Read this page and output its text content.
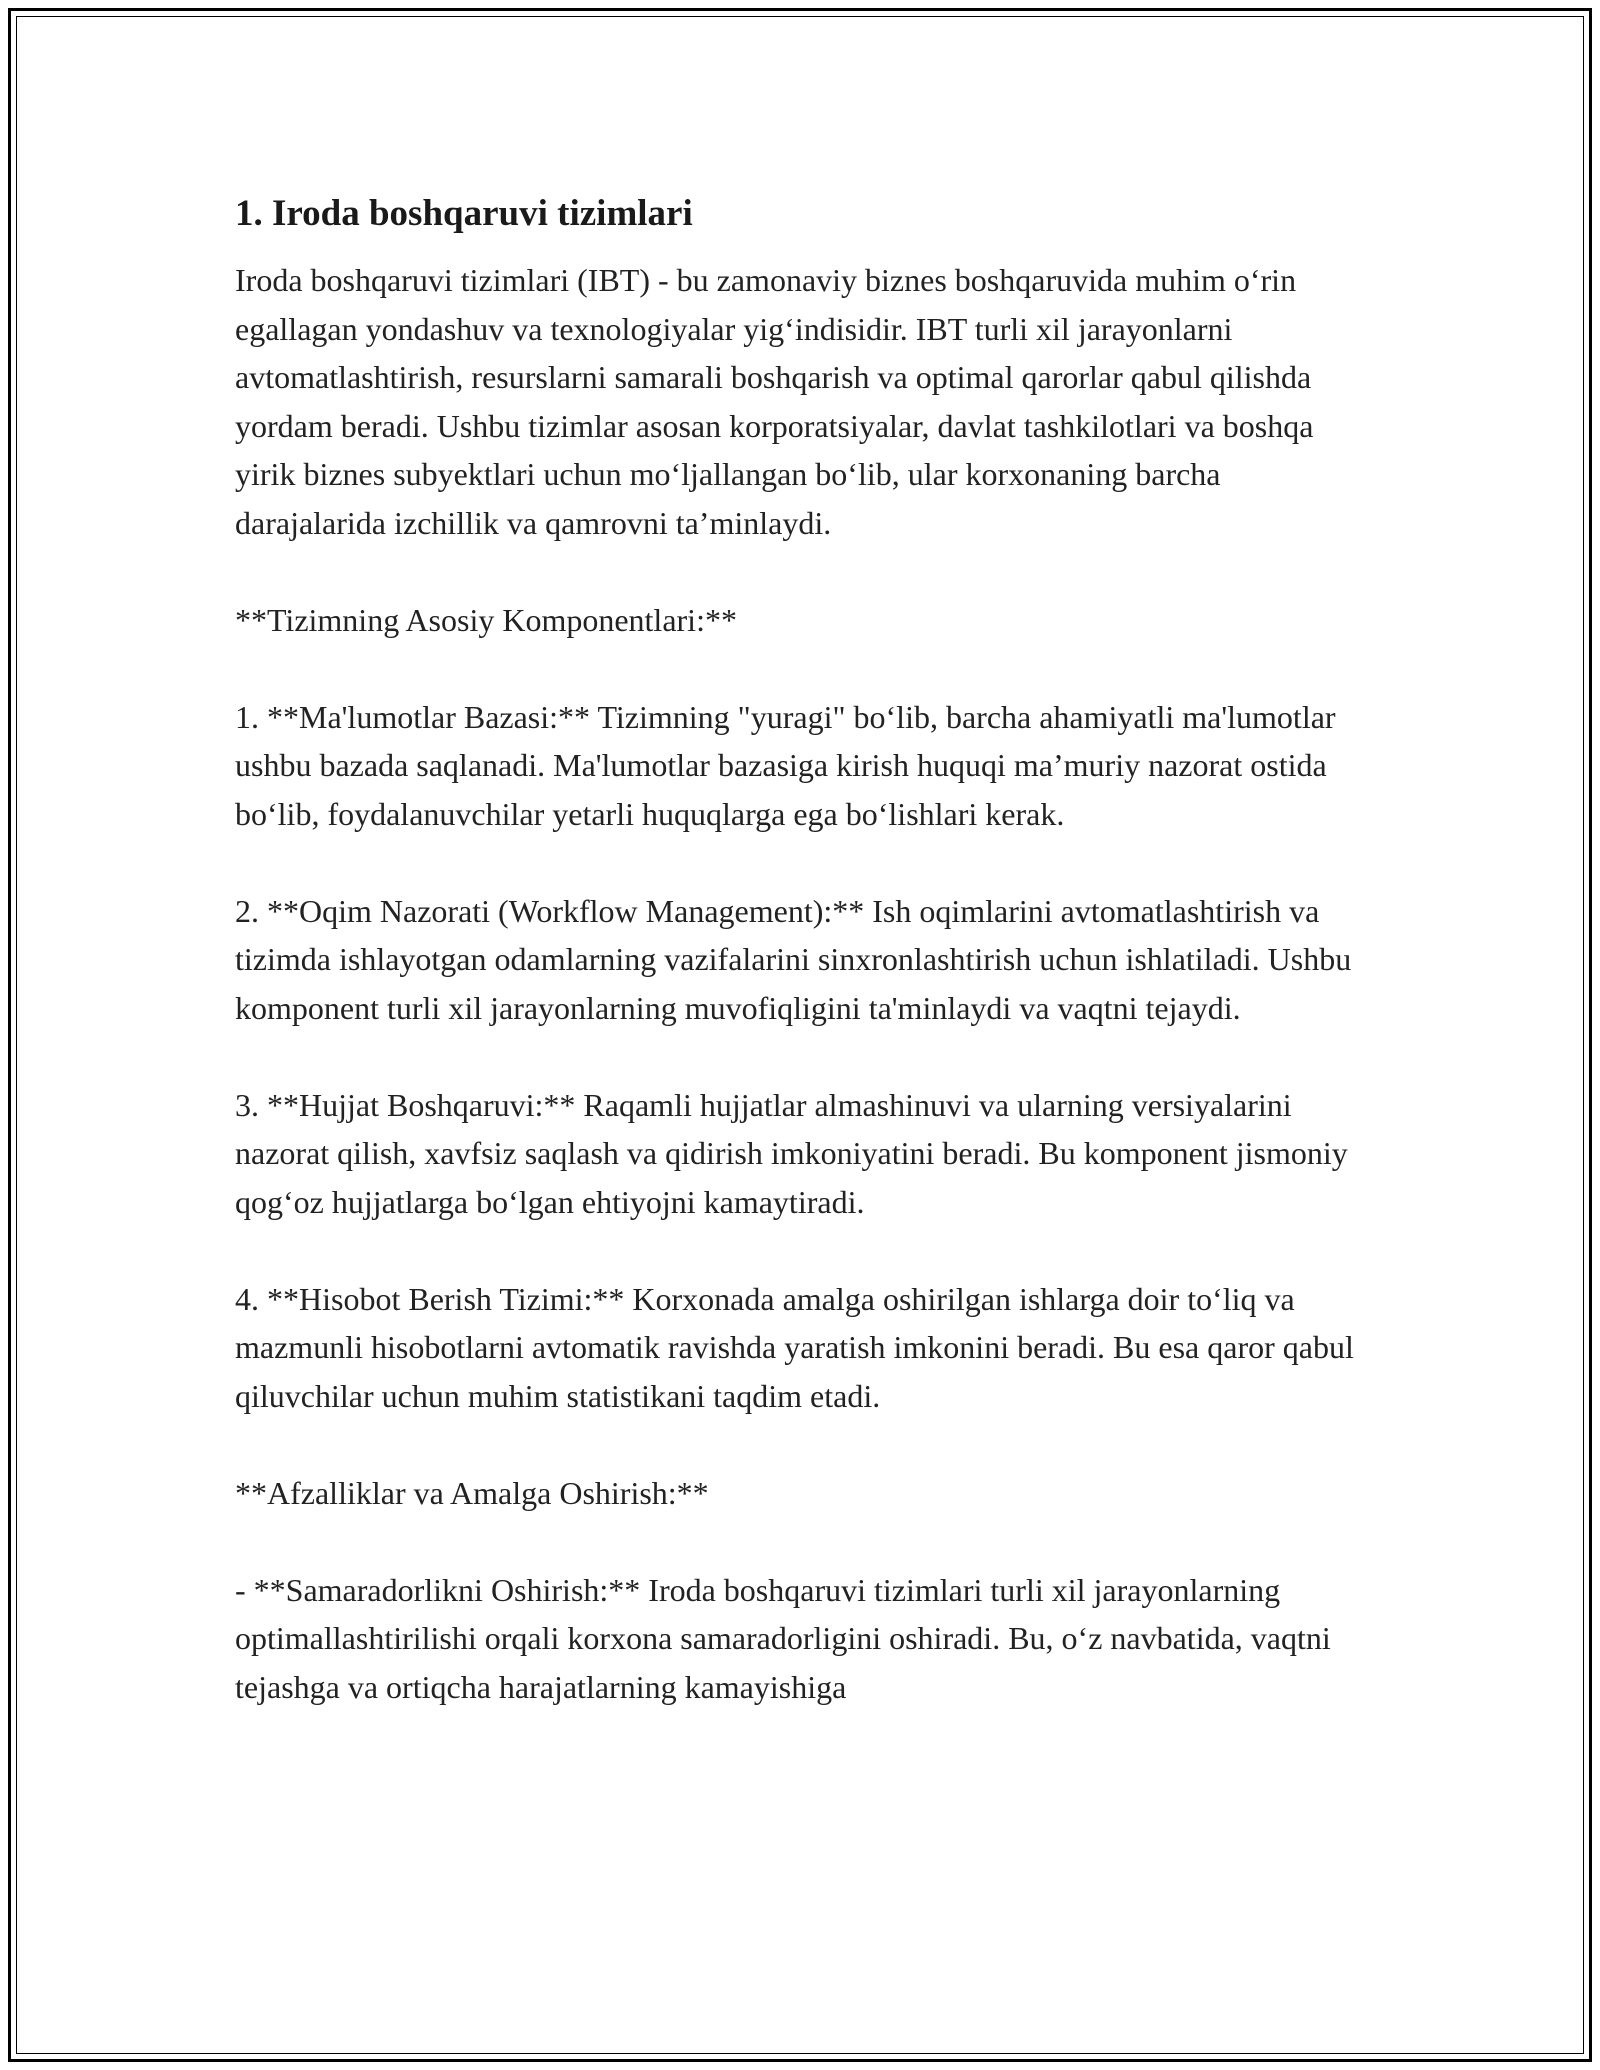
1. Iroda boshqaruvi tizimlari

Iroda boshqaruvi tizimlari (IBT) - bu zamonaviy biznes boshqaruvida muhim o‘rin egallagan yondashuv va texnologiyalar yig‘indisidir. IBT turli xil jarayonlarni avtomatlashtirish, resurslarni samarali boshqarish va optimal qarorlar qabul qilishda yordam beradi. Ushbu tizimlar asosan korporatsiyalar, davlat tashkilotlari va boshqa yirik biznes subyektlari uchun mo‘ljallangan bo‘lib, ular korxonaning barcha darajalarida izchillik va qamrovni ta’minlaydi.

**Tizimning Asosiy Komponentlari:**

1. **Ma'lumotlar Bazasi:** Tizimning "yuragi" bo‘lib, barcha ahamiyatli ma'lumotlar ushbu bazada saqlanadi. Ma'lumotlar bazasiga kirish huquqi ma’muriy nazorat ostida bo‘lib, foydalanuvchilar yetarli huquqlarga ega bo‘lishlari kerak.

2. **Oqim Nazorati (Workflow Management):** Ish oqimlarini avtomatlashtirish va tizimda ishlayotgan odamlarning vazifalarini sinxronlashtirish uchun ishlatiladi. Ushbu komponent turli xil jarayonlarning muvofiqligini ta'minlaydi va vaqtni tejaydi.

3. **Hujjat Boshqaruvi:** Raqamli hujjatlar almashinuvi va ularning versiyalarini nazorat qilish, xavfsiz saqlash va qidirish imkoniyatini beradi. Bu komponent jismoniy qog‘oz hujjatlarga bo‘lgan ehtiyojni kamaytiradi.

4. **Hisobot Berish Tizimi:** Korxonada amalga oshirilgan ishlarga doir to‘liq va mazmunli hisobotlarni avtomatik ravishda yaratish imkonini beradi. Bu esa qaror qabul qiluvchilar uchun muhim statistikani taqdim etadi.

**Afzalliklar va Amalga Oshirish:**

- **Samaradorlikni Oshirish:** Iroda boshqaruvi tizimlari turli xil jarayonlarning optimallashtirilishi orqali korxona samaradorligini oshiradi. Bu, o‘z navbatida, vaqtni tejashga va ortiqcha harajatlarning kamayishiga
